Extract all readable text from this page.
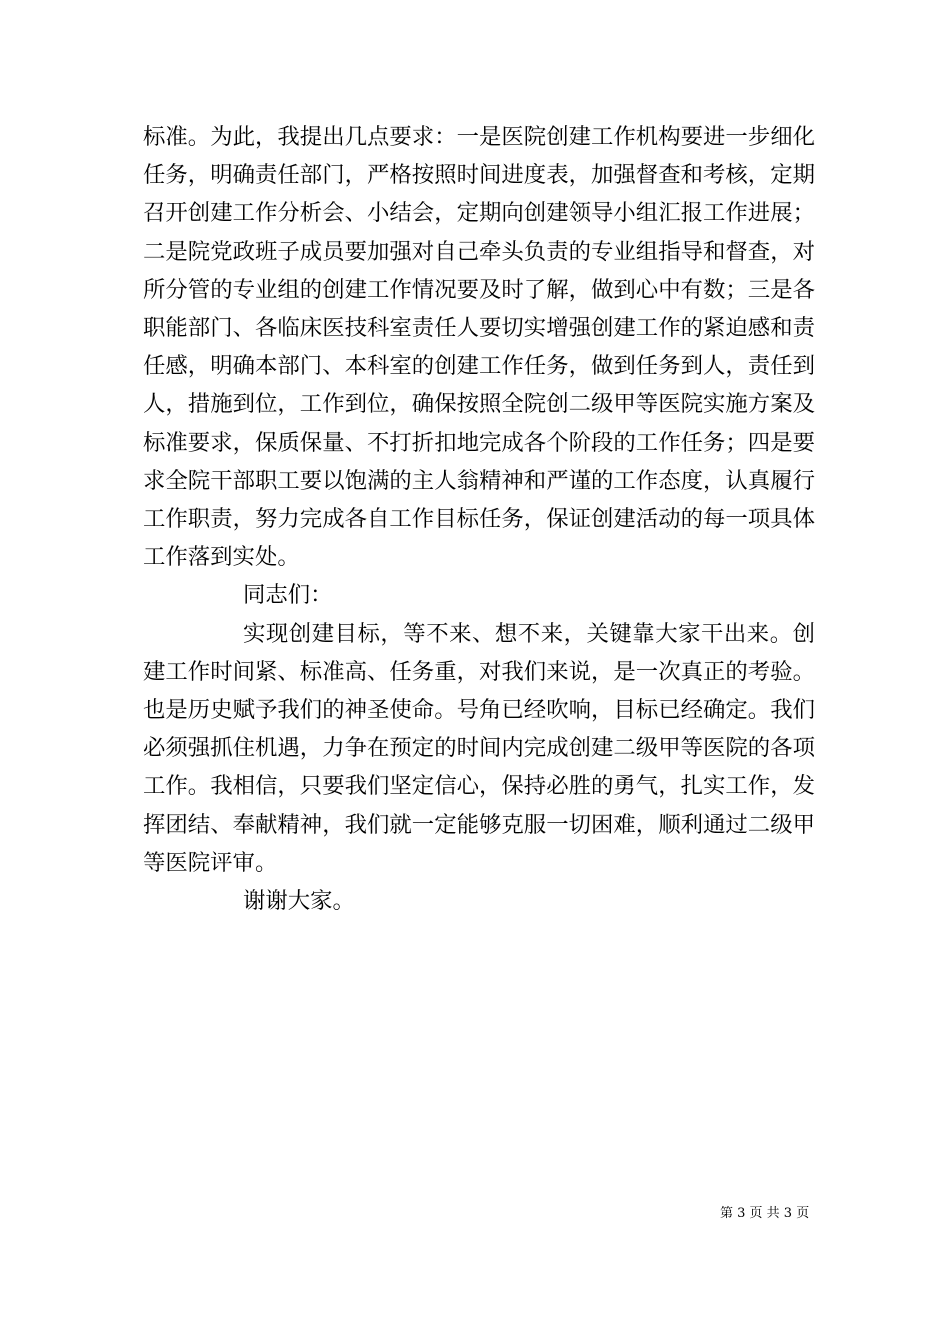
标准。为此，我提出几点要求：一是医院创建工作机构要进一步细化任务，明确责任部门，严格按照时间进度表，加强督查和考核，定期召开创建工作分析会、小结会，定期向创建领导小组汇报工作进展；二是院党政班子成员要加强对自己牵头负责的专业组指导和督查，对所分管的专业组的创建工作情况要及时了解，做到心中有数；三是各职能部门、各临床医技科室责任人要切实增强创建工作的紧迫感和责任感，明确本部门、本科室的创建工作任务，做到任务到人，责任到人，措施到位，工作到位，确保按照全院创二级甲等医院实施方案及标准要求，保质保量、不打折扣地完成各个阶段的工作任务；四是要求全院干部职工要以饱满的主人翁精神和严谨的工作态度，认真履行工作职责，努力完成各自工作目标任务，保证创建活动的每一项具体工作落到实处。

同志们：

实现创建目标，等不来、想不来，关键靠大家干出来。创建工作时间紧、标准高、任务重，对我们来说，是一次真正的考验。也是历史赋予我们的神圣使命。号角已经吹响，目标已经确定。我们必须强抓住机遇，力争在预定的时间内完成创建二级甲等医院的各项工作。我相信，只要我们坚定信心，保持必胜的勇气，扎实工作，发挥团结、奉献精神，我们就一定能够克服一切困难，顺利通过二级甲等医院评审。

谢谢大家。

第 3 页 共 3 页
